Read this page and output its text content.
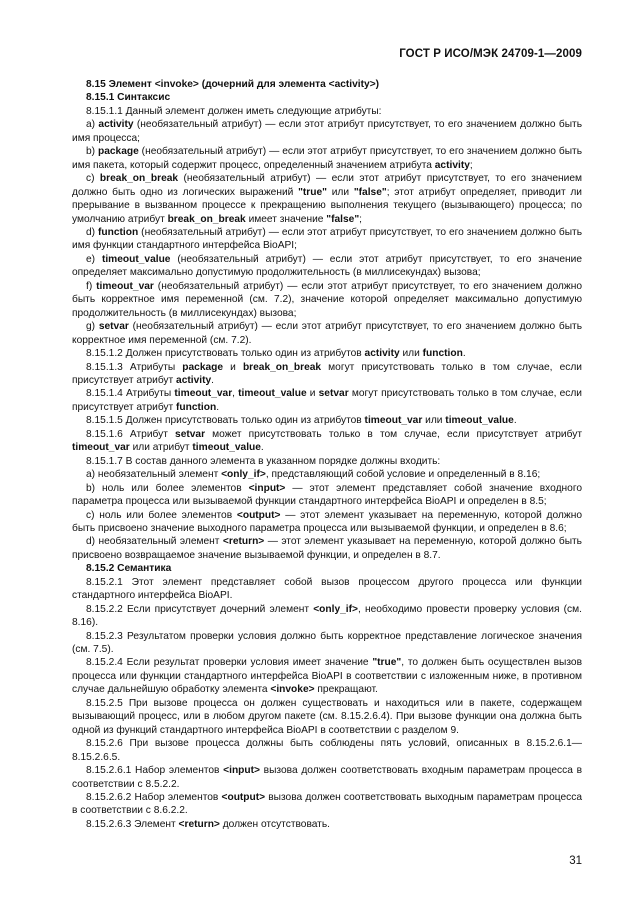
ГОСТ Р ИСО/МЭК 24709-1—2009

8.15 Элемент <invoke> (дочерний для элемента <activity>)

8.15.1 Синтаксис

8.15.1.1 Данный элемент должен иметь следующие атрибуты:

a) activity (необязательный атрибут) — если этот атрибут присутствует, то его значением должно быть имя процесса;

b) package (необязательный атрибут) — если этот атрибут присутствует, то его значением должно быть имя пакета, который содержит процесс, определенный значением атрибута activity;

c) break_on_break (необязательный атрибут) — если этот атрибут присутствует, то его значением должно быть одно из логических выражений "true" или "false"; этот атрибут определяет, приводит ли прерывание в вызванном процессе к прекращению выполнения текущего (вызывающего) процесса; по умолчанию атрибут break_on_break имеет значение "false";

d) function (необязательный атрибут) — если этот атрибут присутствует, то его значением должно быть имя функции стандартного интерфейса BioAPI;

e) timeout_value (необязательный атрибут) — если этот атрибут присутствует, то его значение определяет максимально допустимую продолжительность (в миллисекундах) вызова;

f) timeout_var (необязательный атрибут) — если этот атрибут присутствует, то его значением должно быть корректное имя переменной (см. 7.2), значение которой определяет максимально допустимую продолжительность (в миллисекундах) вызова;

g) setvar (необязательный атрибут) — если этот атрибут присутствует, то его значением должно быть корректное имя переменной (см. 7.2).

8.15.1.2 Должен присутствовать только один из атрибутов activity или function.

8.15.1.3 Атрибуты package и break_on_break могут присутствовать только в том случае, если присутствует атрибут activity.

8.15.1.4 Атрибуты timeout_var, timeout_value и setvar могут присутствовать только в том случае, если присутствует атрибут function.

8.15.1.5 Должен присутствовать только один из атрибутов timeout_var или timeout_value.

8.15.1.6 Атрибут setvar может присутствовать только в том случае, если присутствует атрибут timeout_var или атрибут timeout_value.

8.15.1.7 В состав данного элемента в указанном порядке должны входить:

a) необязательный элемент <only_if>, представляющий собой условие и определенный в 8.16;

b) ноль или более элементов <input> — этот элемент представляет собой значение входного параметра процесса или вызываемой функции стандартного интерфейса BioAPI и определен в 8.5;

c) ноль или более элементов <output> — этот элемент указывает на переменную, которой должно быть присвоено значение выходного параметра процесса или вызываемой функции, и определен в 8.6;

d) необязательный элемент <return> — этот элемент указывает на переменную, которой должно быть присвоено возвращаемое значение вызываемой функции, и определен в 8.7.

8.15.2 Семантика

8.15.2.1 Этот элемент представляет собой вызов процессом другого процесса или функции стандартного интерфейса BioAPI.

8.15.2.2 Если присутствует дочерний элемент <only_if>, необходимо провести проверку условия (см. 8.16).

8.15.2.3 Результатом проверки условия должно быть корректное представление логическое значения (см. 7.5).

8.15.2.4 Если результат проверки условия имеет значение "true", то должен быть осуществлен вызов процесса или функции стандартного интерфейса BioAPI в соответствии с изложенным ниже, в противном случае дальнейшую обработку элемента <invoke> прекращают.

8.15.2.5 При вызове процесса он должен существовать и находиться или в пакете, содержащем вызывающий процесс, или в любом другом пакете (см. 8.15.2.6.4). При вызове функции она должна быть одной из функций стандартного интерфейса BioAPI в соответствии с разделом 9.

8.15.2.6 При вызове процесса должны быть соблюдены пять условий, описанных в 8.15.2.6.1—8.15.2.6.5.

8.15.2.6.1 Набор элементов <input> вызова должен соответствовать входным параметрам процесса в соответствии с 8.5.2.2.

8.15.2.6.2 Набор элементов <output> вызова должен соответствовать выходным параметрам процесса в соответствии с 8.6.2.2.

8.15.2.6.3 Элемент <return> должен отсутствовать.

31
